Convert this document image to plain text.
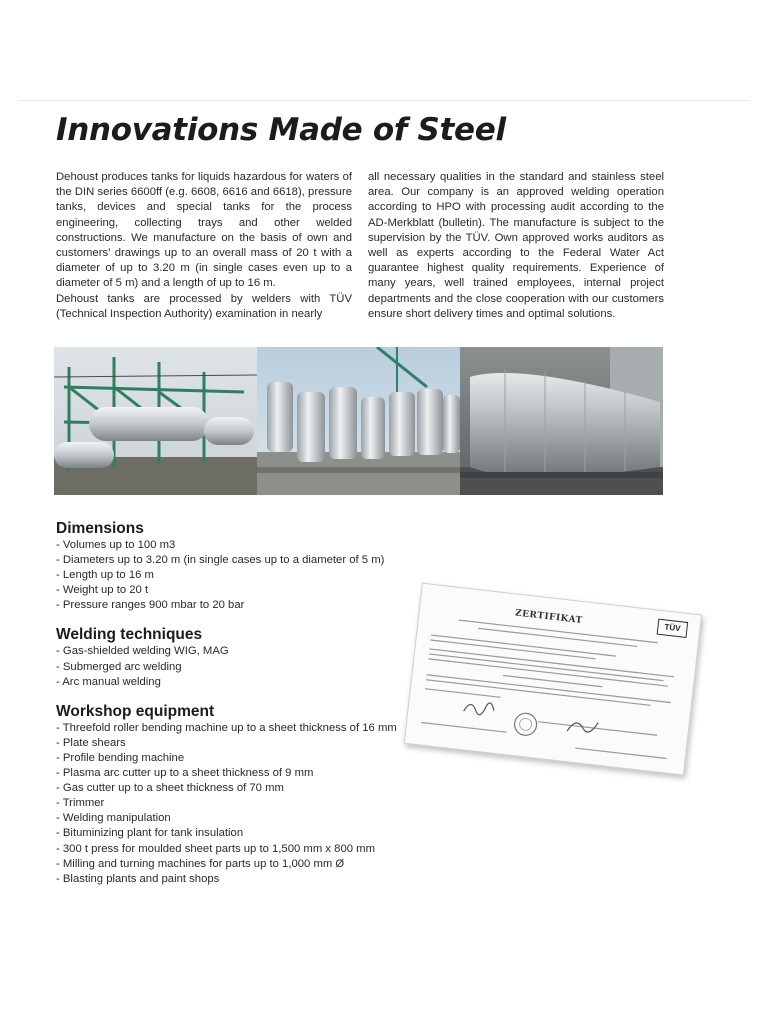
Innovations Made of Steel

Dehoust produces tanks for liquids hazardous for waters of the DIN series 6600ff (e.g. 6608, 6616 and 6618), pressure tanks, devices and special tanks for the process engineering, collecting trays and other welded constructions. We manufacture on the basis of own and customers’ drawings up to an overall mass of 20 t with a diameter of up to 3.20 m (in single cases even up to a diameter of 5 m) and a length of up to 16 m.

Dehoust tanks are processed by welders with TÜV (Technical Inspection Authority) examination in nearly

all necessary qualities in the standard and stainless steel area. Our company is an approved welding operation according to HPO with processing audit according to the AD-Merkblatt (bulletin). The manufacture is subject to the supervision by the TÜV. Own approved works auditors as well as experts according to the Federal Water Act guarantee highest quality requirements. Experience of many years, well trained employees, internal project departments and the close cooperation with our customers ensure short delivery times and optimal solutions.

Dimensions
- Volumes up to 100 m3
- Diameters up to 3.20 m (in single cases up to a diameter of 5 m)
- Length up to 16 m
- Weight up to 20 t
- Pressure ranges 900 mbar to 20 bar
Welding techniques
- Gas-shielded welding WIG, MAG
- Submerged arc welding
- Arc manual welding
Workshop equipment
- Threefold roller bending machine up to a sheet thickness of 16 mm
- Plate shears
- Profile bending machine
- Plasma arc cutter up to a sheet thickness of 9 mm
- Gas cutter up to a sheet thickness of 70 mm
- Trimmer
- Welding manipulation
- Bituminizing plant for tank insulation
- 300 t press for moulded sheet parts up to 1,500 mm x 800 mm
- Milling and turning machines for parts up to 1,000 mm Ø
- Blasting plants and paint shops
TÜV
ZERTIFIKAT
